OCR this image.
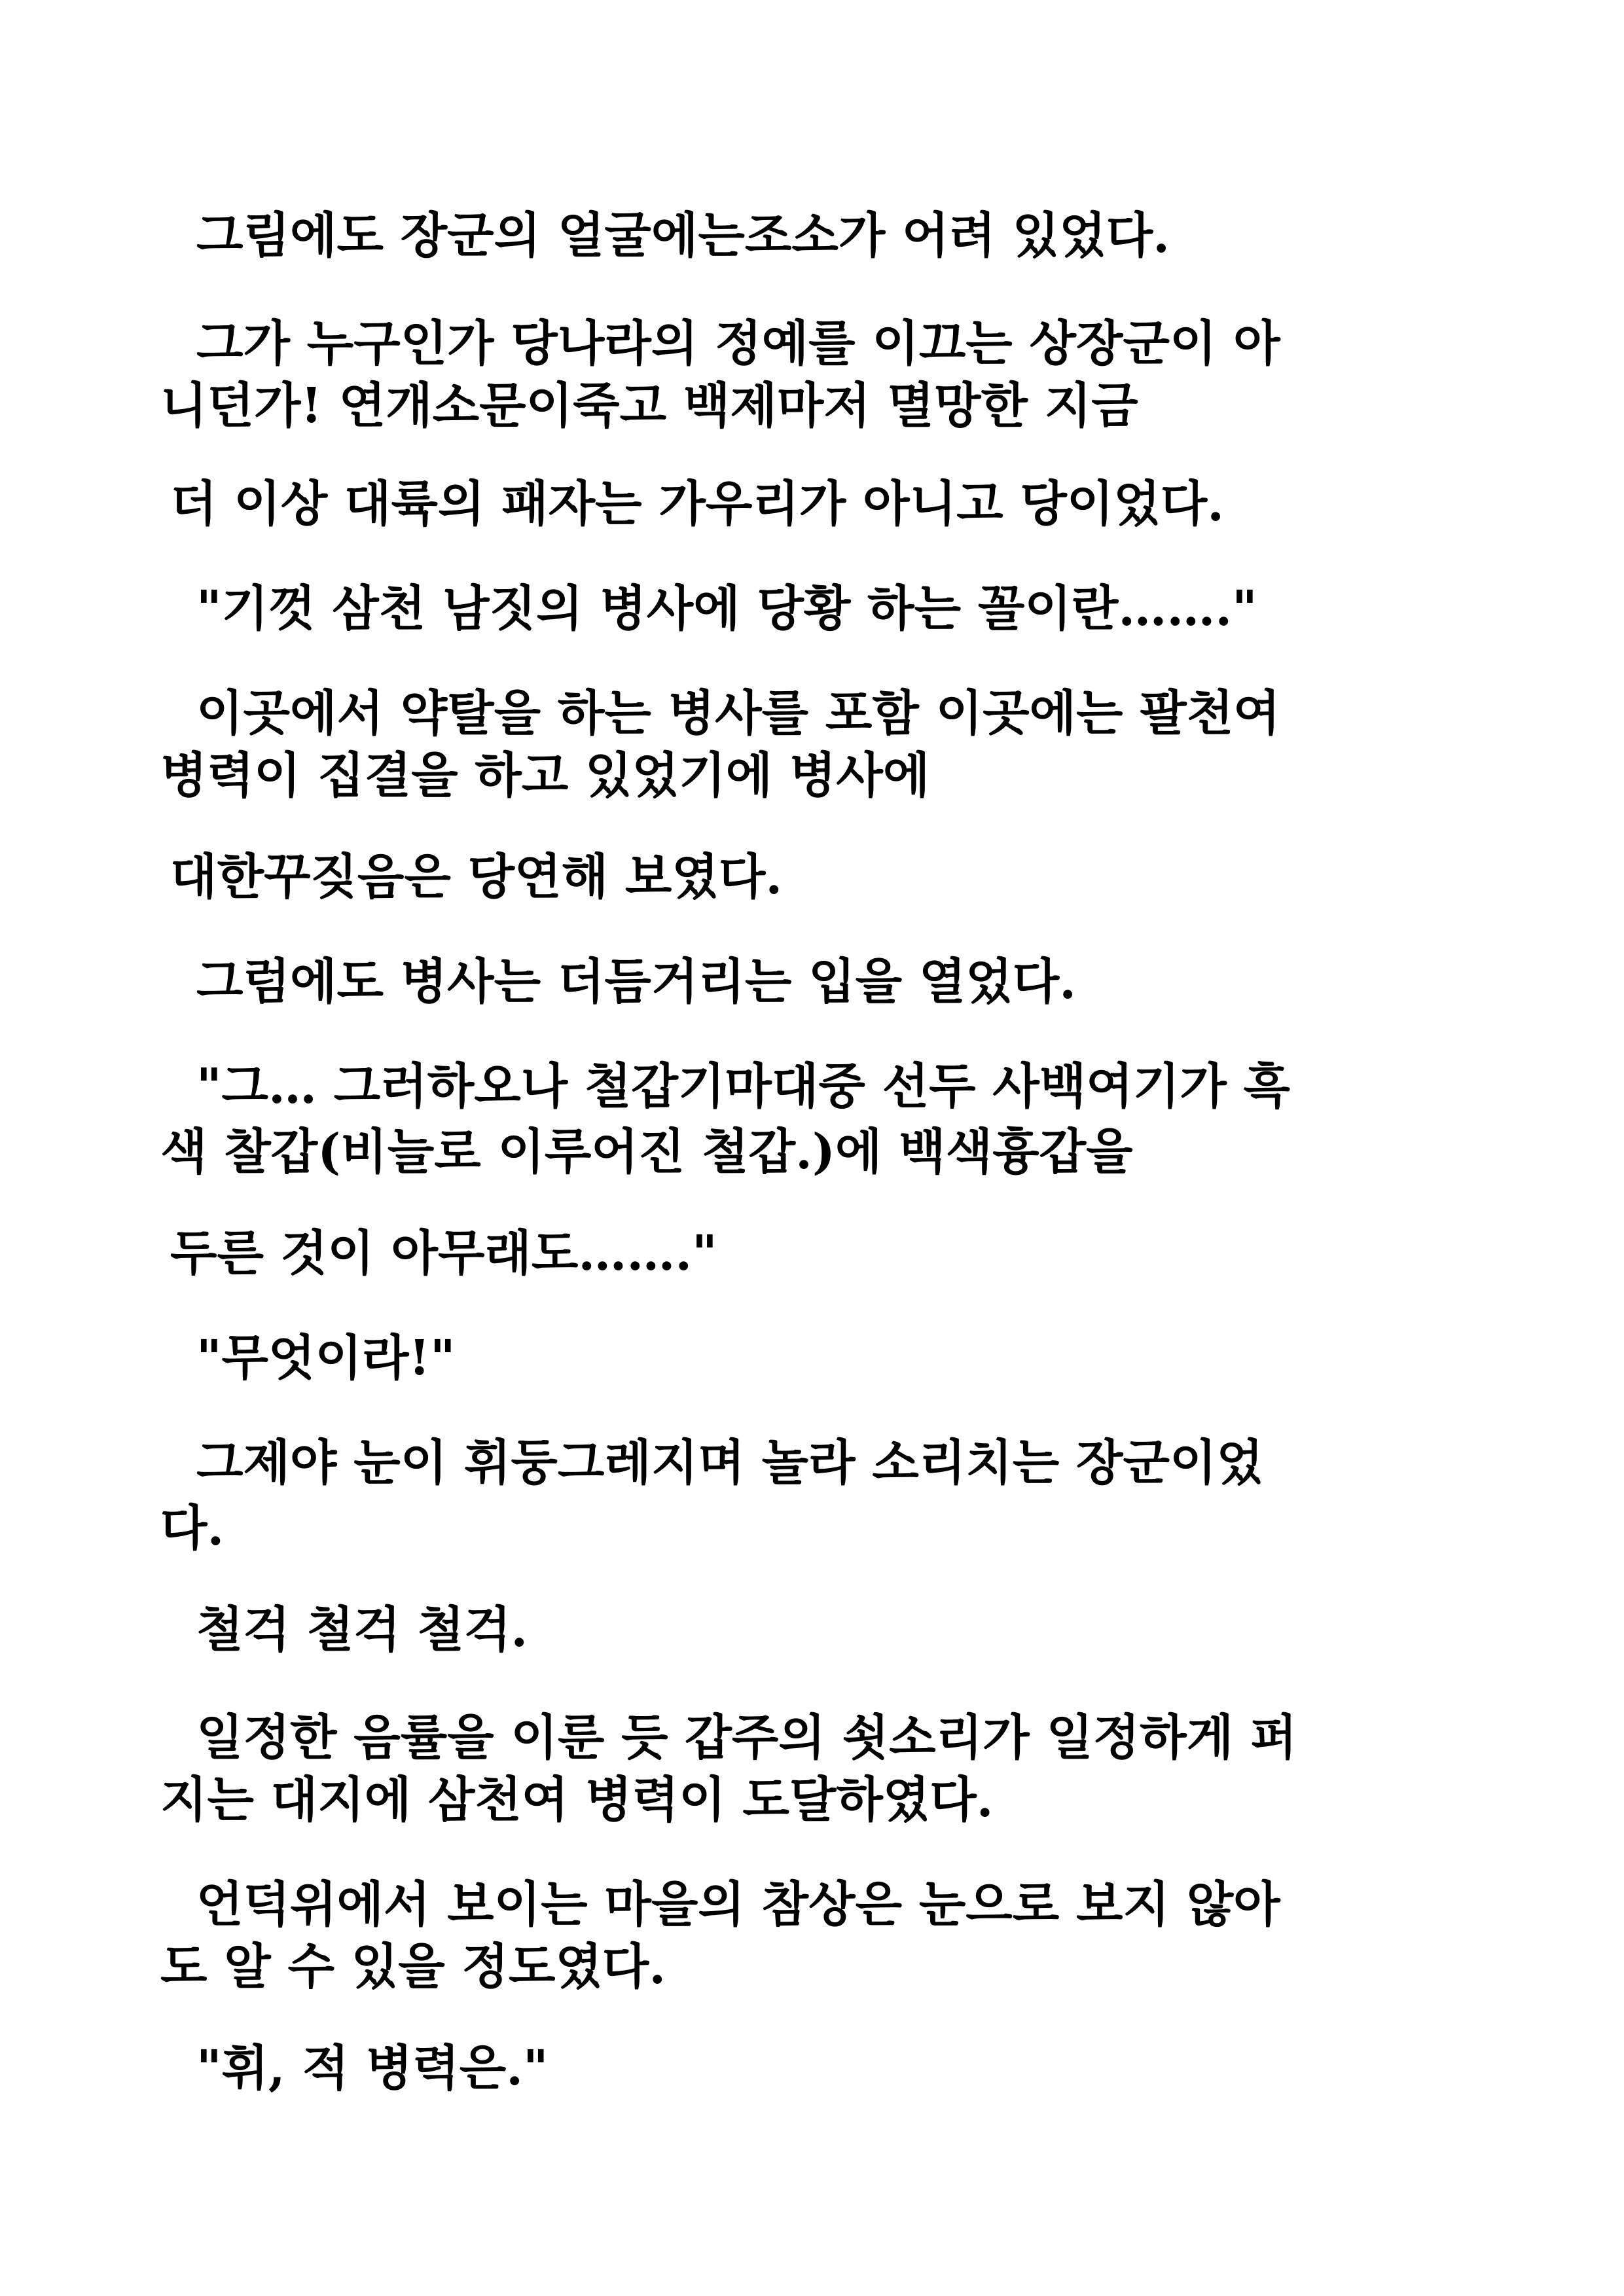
그림에도 장군의 얼굴에는조소가 어려 있었다.

그가 누구인가 당나라의 정예를 이끄는 상장군이 아

니던가! 연개소문이죽고 백제마저 멸망한 지금

더 이상 대륙의 패자는 가우리가 아니고 당이었다.

"기껏 삼천 남짓의 병사에 당황 하는 꼴이란……."

이곳에서 약탈을 하는 병사를 포함 이곳에는 팔천여

병력이 집결을 하고 있었기에 병사에

대한꾸짖음은 당연해 보였다.

그럼에도 병사는 더듬거리는 입을 열었다.

"그… 그러하오나 철갑기마대중 선두 사백여기가 흑

색 찰갑(비늘로 이루어진 철갑.)에 백색흉갑을

두른 것이 아무래도……."

"무엇이라!"

그제야 눈이 휘둥그레지며 놀라 소리치는 장군이었

다.

철걱 철걱 철걱.

일정한 음률을 이룬 듯 갑주의 쇳소리가 일정하게 퍼

지는 대지에 삼천여 병력이 도달하였다.

언덕위에서 보이는 마을의 참상은 눈으로 보지 않아

도 알 수 있을 정도였다.

"휘, 적 병력은."
